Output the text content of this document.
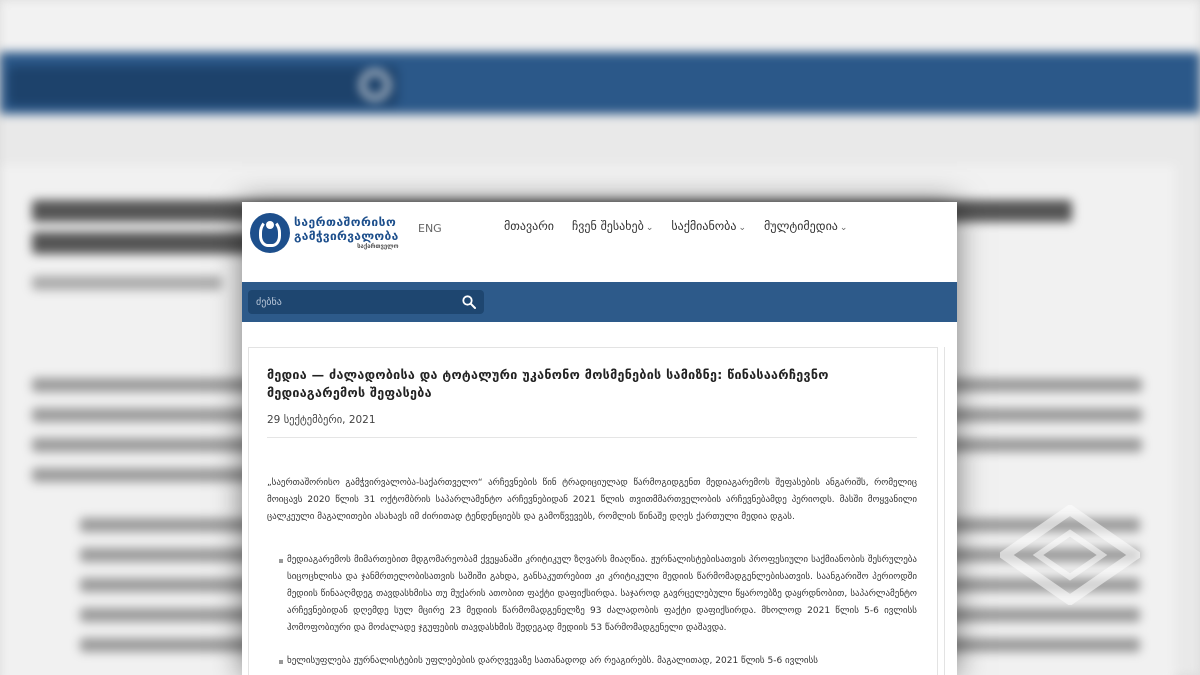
საერთაშორისო
გამჭვირვალობა
საქართველო
ENG	მთავარი ჩვენ შესახებ ⌄ საქმიანობა ⌄ მულტიმედია ⌄
ძებნა
მედია — ძალადობისა და ტოტალური უკანონო მოსმენების სამიზნე: წინასაარჩევნო მედიაგარემოს შეფასება
29 სექტემბერი, 2021
„საერთაშორისო გამჭვირვალობა-საქართველო“ არჩევნების წინ ტრადიციულად წარმოგიდგენთ მედიაგარემოს შეფასების ანგარიშს, რომელიც მოიცავს 2020 წლის 31 ოქტომბრის საპარლამენტო არჩევნებიდან 2021 წლის თვითმმართველობის არჩევნებამდე პერიოდს. მასში მოყვანილი ცალკეული მაგალითები ასახავს იმ ძირითად ტენდენციებს და გამოწვევებს, რომლის წინაშე დღეს ქართული მედია დგას.
მედიაგარემოს მიმართებით მდგომარეობამ ქვეყანაში კრიტიკულ ზღვარს მიაღწია. ჟურნალისტებისათვის პროფესიული საქმიანობის შესრულება სიცოცხლისა და ჯანმრთელობისათვის საშიში გახდა, განსაკუთრებით კი კრიტიკული მედიის წარმომადგენლებისათვის. საანგარიშო პერიოდში მედიის წინააღმდეგ თავდასხმისა თუ მუქარის ათობით ფაქტი დაფიქსირდა. საჯაროდ გავრცელებული წყაროებზე დაყრდნობით, საპარლამენტო არჩევნებიდან დღემდე სულ მცირე 23 მედიის წარმომადგენელზე 93 ძალადობის ფაქტი დაფიქსირდა. მხოლოდ 2021 წლის 5-6 ივლისს ჰომოფობიური და მოძალადე ჯგუფების თავდასხმის შედეგად მედიის 53 წარმომადგენელი დაშავდა.
ხელისუფლება ჟურნალისტების უფლებების დარღვევაზე სათანადოდ არ რეაგირებს. მაგალითად, 2021 წლის 5-6 ივლისს
